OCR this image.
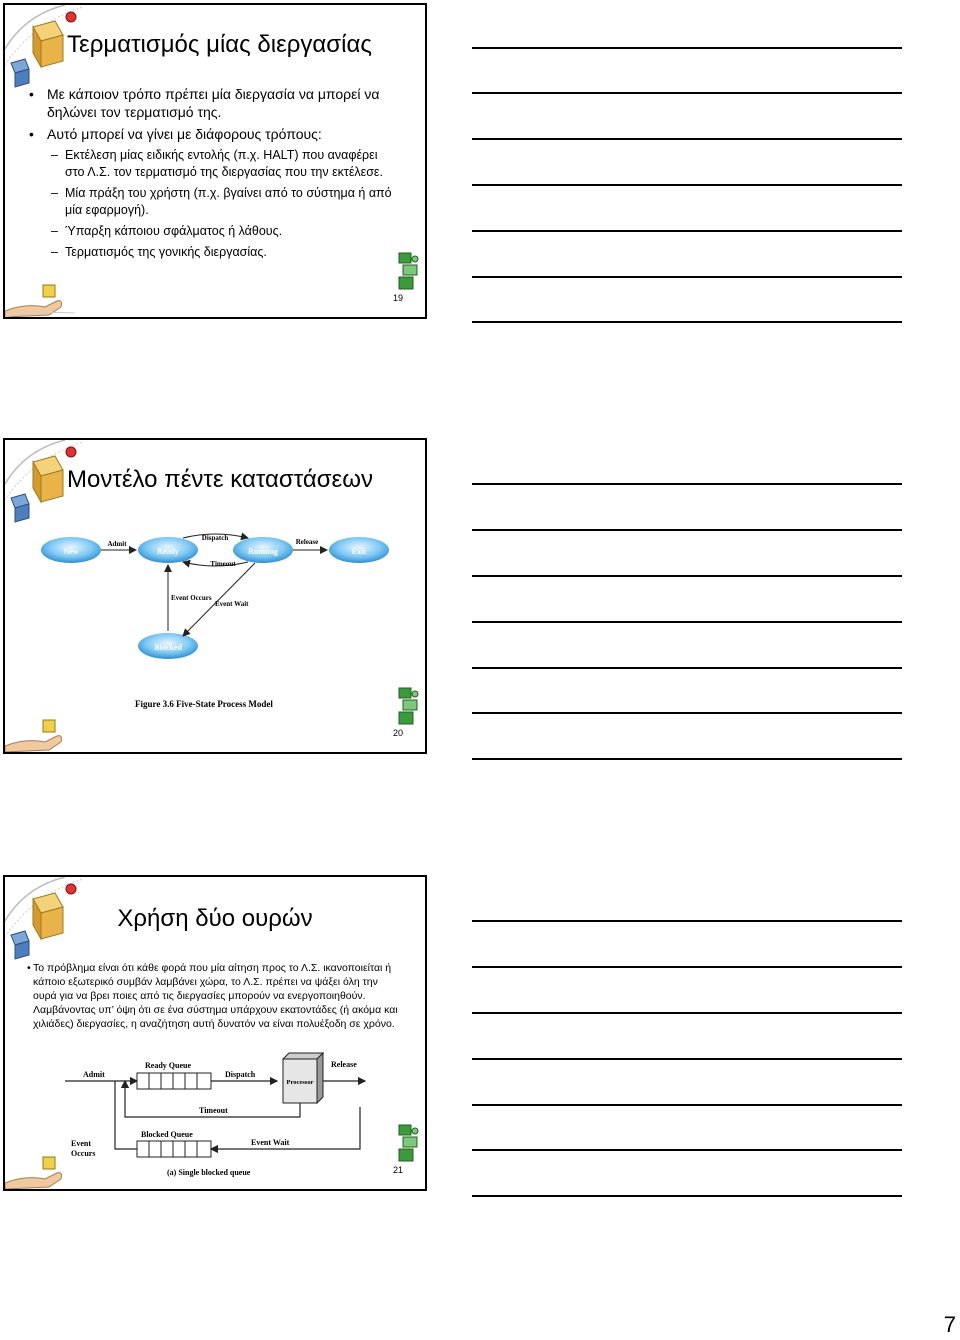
Τερματισμός μίας διεργασίας
• Με κάποιον τρόπο πρέπει μία διεργασία να μπορεί να δηλώνει τον τερματισμό της.
• Αυτό μπορεί να γίνει με διάφορους τρόπους:
– Εκτέλεση μίας ειδικής εντολής (π.χ. HALT) που αναφέρει στο Λ.Σ. τον τερματισμό της διεργασίας που την εκτέλεσε.
– Μία πράξη του χρήστη (π.χ. βγαίνει από το σύστημα ή από μία εφαρμογή).
– Ύπαρξη κάποιου σφάλματος ή λάθους.
– Τερματισμός της γονικής διεργασίας.
19
Μοντέλο πέντε καταστάσεων
New	Ready	Running	Exit
Blocked
Admit
Dispatch
Timeout
Release
Event Occurs
Event Wait
Figure 3.6 Five-State Process Model
20
Χρήση δύο ουρών
• Το πρόβλημα είναι ότι κάθε φορά που μία αίτηση προς το Λ.Σ. ικανοποιείται ή κάποιο εξωτερικό συμβάν λαμβάνει χώρα, το Λ.Σ. πρέπει να ψάξει όλη την ουρά για να βρει ποιες από τις διεργασίες μπορούν να ενεργοποιηθούν. Λαμβάνοντας υπ’ όψη ότι σε ένα σύστημα υπάρχουν εκατοντάδες (ή ακόμα και χιλιάδες) διεργασίες, η αναζήτηση αυτή δυνατόν να είναι πολυέξοδη σε χρόνο.
Processor
Admit
Ready Queue
Dispatch
Release
Timeout
Blocked Queue
Event Wait
Event Occurs
(a) Single blocked queue	21
7
